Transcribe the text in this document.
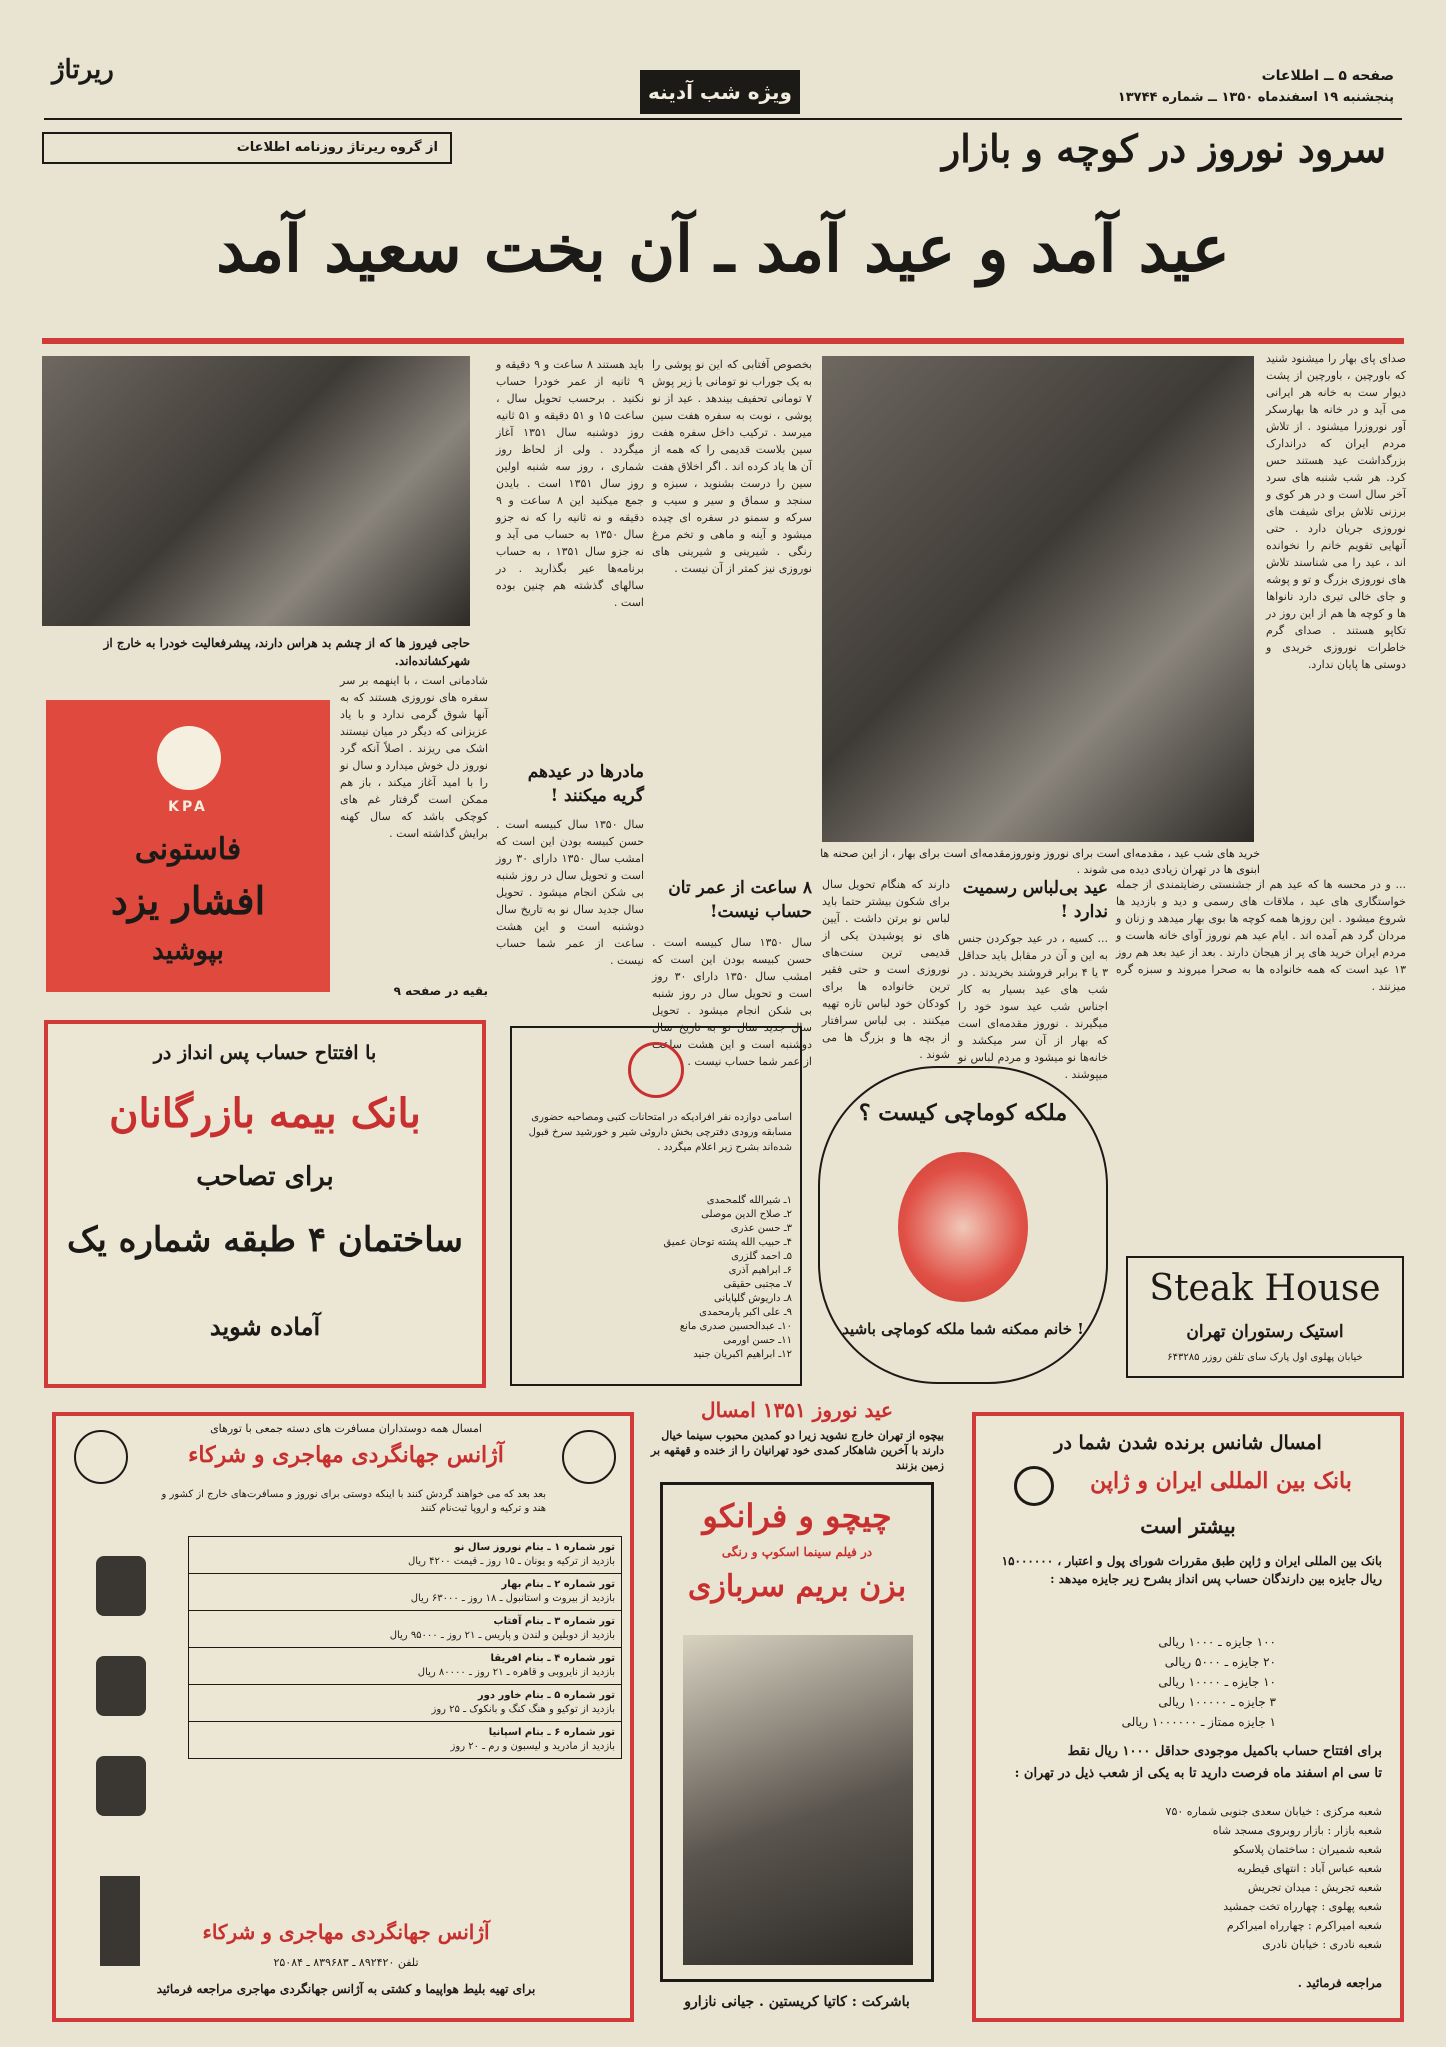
ریرتاژ
ویژه شب آدینه
صفحه ۵ ــ اطلاعات
پنجشنبه ۱۹ اسفندماه ۱۳۵۰ ــ شماره ۱۳۷۴۴
از گروه ریرتاژ روزنامه اطلاعات	سرود نوروز در کوچه و بازار
عید آمد و عید آمد ـ آن بخت سعید آمد
صدای پای بهار را میشنود شنید که باورچین ، باورچین از پشت دیوار ست به خانه هر ایرانی می آید و در خانه ها بهارسکر آور نوروزرا میشنود . از تلاش مردم ایران که دراندارک بزرگداشت عید هستند حس کرد. هر شب شنبه های سرد آخر سال است و در هر کوی و برزنی تلاش برای شیفت های نوروزی جریان دارد . حتی آنهایی تقویم خانم را نخوانده اند ، عید را می شناسند تلاش های نوروزی بزرگ و تو و پوشه و جای خالی تیری دارد نانواها ها و کوچه ها هم از این روز در تکاپو هستند . صدای گرم خاطرات نوروزی خریدی و دوستی ها پایان ندارد.
خرید های شب عید ، مقدمه‌ای است برای نوروز ونوروزمقدمه‌ای است برای بهار ، از این صحنه ها ابنوی ها در تهران زیادی دیده می شوند .
بخصوص آفتابی که این نو پوشی را به یک جوراب نو تومانی یا زیر پوش ۷ تومانی تحفیف بیندهد . عید از نو پوشی ، نوبت به سفره هفت سین میرسد . ترکیب داخل سفره هفت سین بلاست قدیمی را که همه از آن ها یاد کرده اند . اگر اخلاق هفت سین را درست بشنوید ، سبزه و سنجد و سماق و سیر و سیب و سرکه و سمنو در سفره ای چیده میشود و آینه و ماهی و تخم مرغ رنگی . شیرینی و شیرینی های نوروزی نیز کمتر از آن نیست .
باید هستند ۸ ساعت و ۹ دقیقه و ۹ ثانیه از عمر خودرا حساب نکنید . برحسب تحویل سال ، ساعت ۱۵ و ۵۱ دقیقه و ۵۱ ثانیه روز دوشنبه سال ۱۳۵۱ آغاز میگردد . ولی از لحاظ روز شماری ، روز سه شنبه اولین روز سال ۱۳۵۱ است . بایدن جمع میکنید این ۸ ساعت و ۹ دقیقه و نه ثانیه را که نه جزو سال ۱۳۵۰ به حساب می آید و نه جزو سال ۱۳۵۱ ، به حساب برنامه‌ها عیر بگذارید . در سالهای گذشته هم چنین بوده است .
مادرها در عیدهم گریه میکنند !
سال ۱۳۵۰ سال کبیسه است . حسن کبیسه بودن این است که امشب سال ۱۳۵۰ دارای ۳۰ روز است و تحویل سال در روز شنبه بی شکن انجام میشود . تحویل سال جدید سال نو به تاریخ سال دوشنبه است و این هشت ساعت از عمر شما حساب نیست .
حاجی فیروز ها که از چشم بد هراس دارند، پیشرفعالیت خودرا به خارج از شهرکشانده‌اند.
KPA
فاستونی
افشار یزد
بپوشید
شادمانی است ، با اینهمه بر سر سفره های نوروزی هستند که به آنها شوق گرمی ندارد و با یاد عزیزانی که دیگر در میان نیستند اشک می ریزند . اصلاً آنکه گرد نوروز دل خوش میدارد و سال نو را با امید آغاز میکند ، باز هم ممکن است گرفتار غم های کوچکی باشد که سال کهنه برایش گذاشته است .
بقیه در صفحه ۹
... و در محسه ها که عید هم از جشنستی رضایتمندی از جمله خواستگاری های عید ، ملاقات های رسمی و دید و بازدید ها شروع میشود . این روزها همه کوچه ها بوی بهار میدهد و زنان و مردان گرد هم آمده اند . ایام عید هم نوروز آوای خانه هاست و مردم ایران خرید های پر از هیجان دارند . بعد از عید بعد هم روز ۱۳ عید است که همه خانواده ها به صحرا میروند و سبزه گره میزنند .
عید بی‌لباس رسمیت ندارد !
... کسیه ، در عید جوکردن جنس به این و آن در مقابل باید حداقل ۳ یا ۴ برابر فروشند بخریدند . در شب های عید بسیار به کار اجناس شب عید سود خود را میگیرند . نوروز مقدمه‌ای است که بهار از آن سر میکشد و خانه‌ها نو میشود و مردم لباس نو میپوشند .
دارند که هنگام تحویل سال برای شکون بیشتر حتما باید لباس نو برتن داشت . آیین های نو پوشیدن یکی از قدیمی ترین سنت‌های نوروزی است و حتی فقیر ترین خانواده ها برای کودکان خود لباس تازه تهیه میکنند . بی لباس سرافتار از بچه ها و بزرگ ها می شوند .
۸ ساعت از عمر تان حساب نیست!
سال ۱۳۵۰ سال کبیسه است . حسن کبیسه بودن این است که امشب سال ۱۳۵۰ دارای ۳۰ روز است و تحویل سال در روز شنبه بی شکن انجام میشود . تحویل سال جدید سال نو به تاریخ سال دوشنبه است و این هشت ساعت از عمر شما حساب نیست .
با افتتاح حساب پس انداز در
بانک بیمه بازرگانان
برای تصاحب
ساختمان ۴ طبقه شماره یک
آماده شوید
اسامی دوازده نفر افرادیکه در امتحانات کتبی ومصاحبه حضوری مسابقه ورودی دفترچی بخش داروئی شیر و خورشید سرخ قبول شده‌اند بشرح زیر اعلام میگردد .
۱ـ شیرالله گلمحمدی
۲ـ صلاح الدین موصلی
۳ـ حسن عذری
۴ـ حبیب الله پشته توحان عمیق
۵ـ احمد گلزری
۶ـ ابراهیم آذری
۷ـ مجتبی حقیقی
۸ـ داریوش گلپایانی
۹ـ علی اکبر یارمحمدی
۱۰ـ عبدالحسین صدری مانع
۱۱ـ حسن اورمی
۱۲ـ ابراهیم اکبریان جنید
ملکه کوماچی کیست ؟
خانم ممکنه شما ملکه کوماچی باشید !
Steak House
استیک رستوران تهران
خیابان پهلوی اول پارک سای تلفن روزر ۶۴۳۲۸۵
امسال همه دوستداران مسافرت های دسته جمعی با تورهای
آژانس جهانگردی مهاجری و شرکاء
بعد بعد که می خواهند گردش کنند با اینکه دوستی برای نوروز و مسافرت‌های خارج از کشور و هند و ترکیه و اروپا ثبت‌نام کنند
تور شماره ۱ ـ بنام نوروز سال نو
بازدید از ترکیه و یونان ـ ۱۵ روز ـ قیمت ۴۲۰۰ ریال
تور شماره ۲ ـ بنام بهار
بازدید از بیروت و استانبول ـ ۱۸ روز ـ ۶۳۰۰۰ ریال
تور شماره ۳ ـ بنام آفتاب
بازدید از دوبلین و لندن و پاریس ـ ۲۱ روز ـ ۹۵۰۰۰ ریال
تور شماره ۴ ـ بنام افریقا
بازدید از نایروبی و قاهره ـ ۲۱ روز ـ ۸۰۰۰۰ ریال
تور شماره ۵ ـ بنام خاور دور
بازدید از توکیو و هنگ کنگ و بانکوک ـ ۲۵ روز
تور شماره ۶ ـ بنام اسپانیا
بازدید از مادرید و لیسبون و رم ـ ۲۰ روز
آژانس جهانگردی مهاجری و شرکاء
تلفن ۸۹۲۴۲۰ ـ ۸۳۹۶۸۳ ـ ۲۵۰۸۴
برای تهیه بلیط هواپیما و کشتی به آژانس جهانگردی مهاجری مراجعه فرمائید
عید نوروز ۱۳۵۱ امسال
بیچوه از تهران خارج نشوید زیرا دو کمدین محبوب سینما خیال دارند با آخرین شاهکار کمدی خود تهرانیان را از خنده و قهقهه بر زمین بزنند
چیچو و فرانکو
در فیلم سینما اسکوپ و رنگی
بزن بریم سربازی
باشرکت : کاتیا کریستین . جیانی نازارو
امسال شانس برنده شدن شما در
بانک بین المللی ایران و ژاپن
بیشتر است
بانک بین المللی ایران و ژاپن طبق مقررات شورای پول و اعتبار ، ۱۵۰۰۰۰۰۰ ریال جایزه بین دارندگان حساب پس انداز بشرح زیر جایزه میدهد :
۱۰۰ جایزه ـ ۱۰۰۰ ریالی
۲۰ جایزه ـ ۵۰۰۰ ریالی
۱۰ جایزه ـ ۱۰۰۰۰ ریالی
۳ جایزه ـ ۱۰۰۰۰۰ ریالی
۱ جایزه ممتاز ـ ۱۰۰۰۰۰۰ ریالی
برای افتتاح حساب باکمیل موجودی حداقل ۱۰۰۰ ریال نقط
تا سی ام اسفند ماه فرصت دارید تا به یکی از شعب ذیل در تهران :
شعبه مرکزی : خیابان سعدی جنوبی شماره ۷۵۰
شعبه بازار : بازار روبروی مسجد شاه
شعبه شمیران : ساختمان پلاسکو
شعبه عباس آباد : انتهای قیطریه
شعبه تجریش : میدان تجریش
شعبه پهلوی : چهارراه تخت جمشید
شعبه امیراکرم : چهارراه امیراکرم
شعبه نادری : خیابان نادری
مراجعه فرمائید .
